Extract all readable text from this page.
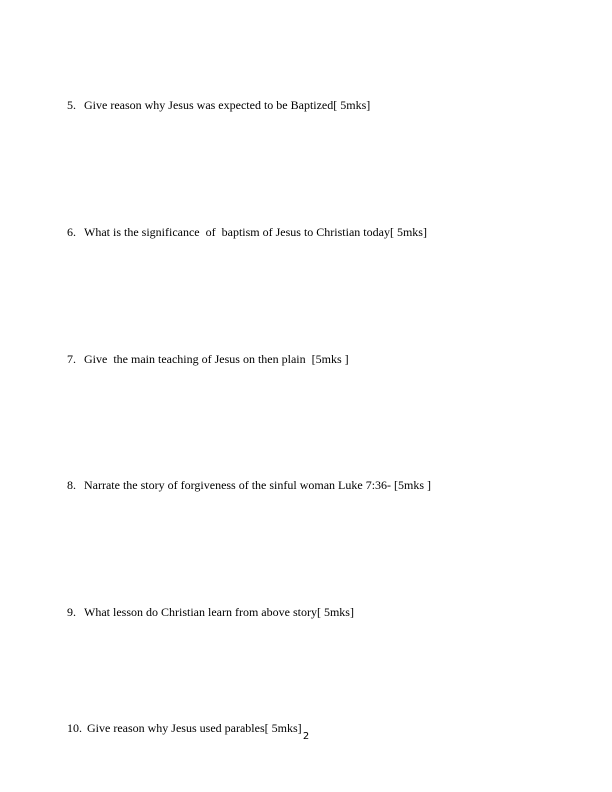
5. Give reason why Jesus was expected to be Baptized[ 5mks]

6. What is the significance  of  baptism of Jesus to Christian today[ 5mks]

7. Give  the main teaching of Jesus on then plain  [5mks ]

8. Narrate the story of forgiveness of the sinful woman Luke 7:36- [5mks ]

9. What lesson do Christian learn from above story[ 5mks]

10. Give reason why Jesus used parables[ 5mks]

2
